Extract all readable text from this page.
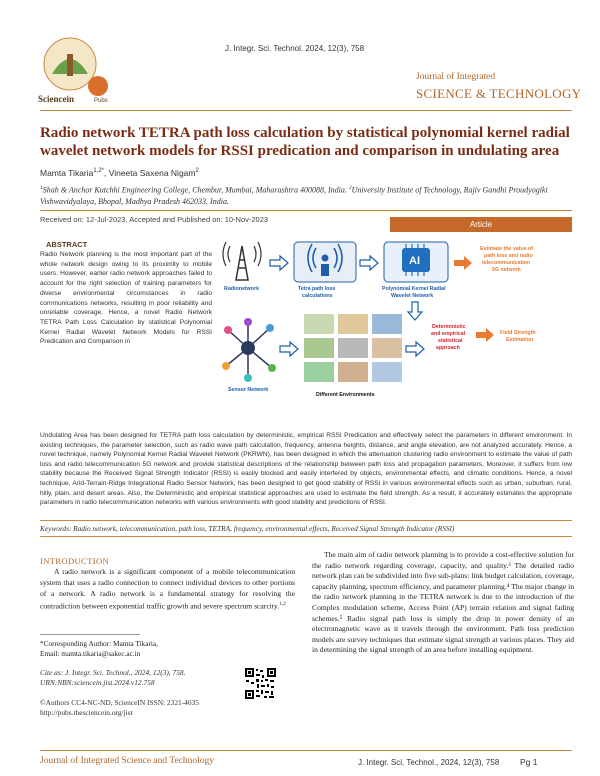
Sciencein	Pubs
J. Integr. Sci. Technol. 2024, 12(3), 758
Journal of Integrated
SCIENCE & TECHNOLOGY
Radio network TETRA path loss calculation by statistical polynomial kernel radial wavelet network models for RSSI predication and comparison in undulating area
Mamta Tikaria$^{1,2*}$, Vineeta Saxena Nigam$^2$
$^1$Shah & Anchor Kutchhi Engineering College, Chembur, Mumbai, Maharashtra 400088, India. $^2$University Institute of Technology, Rajiv Gandhi Proudyogiki Vishwavidyalaya, Bhopal, Madhya Pradesh 462033. India.
Received on: 12-Jul-2023, Accepted and Published on: 10-Nov-2023
Article
ABSTRACT
Radio Network planning is the most important part of the whole network design owing to its proximity to mobile users. However, earlier radio network approaches failed to account for the right selection of training parameters for diverse environmental circumstances in radio communications networks, resulting in poor reliability and unreliable coverage. Hence, a novel Radio Network TETRA Path Loss Calculation by statistical Polynomial Kernel Radial Wavelet Network Models for RSSI Predication and Comparison in
Radionetwork	Tetra path loss
calculations
AI
Polynomial Kernel Radial
Wavelet Network
Estimate the value of
path loss and radio
telecommunication
5G network
Sensor Network
Different Environments
Deterministic
and empirical
statistical
approach
Field Strength
Estimation
Undulating Area has been designed for TETRA path loss calculation by deterministic, empirical RSSI Predication and effectively select the parameters in different environment. In existing techniques, the parameter selection, such as radio wave path calculation, frequency, antenna heights, distance, and angle elevation, are not analyzed accurately. Hence, a novel technique, namely Polynomial Kernel Radial Wavelet Network (PKRWN), has been designed in which the attenuation clustering radio environment to estimate the value of path loss and radio telecommunication 5G network and provide statistical descriptions of the relationship between path loss and propagation parameters. Moreover, it suffers from low stability because the Received Signal Strength Indicator (RSSI) is easily blocked and easily interfered by objects, environmental effects, and climatic conditions. Hence, a novel technique, Arid-Terrain-Ridge Integrational Radio Sensor Network, has been designed to get good stability of RSSI in various environmental effects such as urban, suburban, rural, hilly, plain, and desert areas. Also, the Deterministic and empirical statistical approaches are used to estimate the field strength. As a result, it accurately estimates the appropriate parameters in radio telecommunication networks with various environments with good stability and predictions of RSSI.
Keywords: Radio network, telecommunication, path loss, TETRA, frequency, environmental effects, Received Signal Strength Indicator (RSSI)
INTRODUCTION
A radio network is a significant component of a mobile telecommunication system that uses a radio connection to connect individual devices to other portions of a network. A radio network is a fundamental strategy for resolving the contradiction between exponential traffic growth and severe spectrum scarcity.$^{1,2}$
*Corresponding Author: Mamta Tikaria,
Email: mamta.tikaria@sakec.ac.in
Cite as: J. Integr. Sci. Technol., 2024, 12(3), 758. URN:NBN:sciencein.jist.2024.v12.758
©Authors CC4-NC-ND, ScienceIN ISSN: 2321-4635 http://pubs.thesciencein.org/jist
The main aim of radio network planning is to provide a cost-effective solution for the radio network regarding coverage, capacity, and quality.³ The detailed radio network plan can be subdivided into five sub-plans: link budget calculation, coverage, capacity planning, spectrum efficiency, and parameter planning.⁴ The major change in the radio network planning in the TETRA network is due to the introduction of the Complex modulation scheme, Access Point (AP) terrain relation and signal fading schemes.⁵ Radio signal path loss is simply the drop in power density of an electromagnetic wave as it travels through the environment. Path loss prediction models are survey techniques that estimate signal strength at various places. They aid in determining the signal strength of an area before installing equipment.
Journal of Integrated Science and Technology	J. Integr. Sci. Technol., 2024, 12(3), 758 Pg 1
